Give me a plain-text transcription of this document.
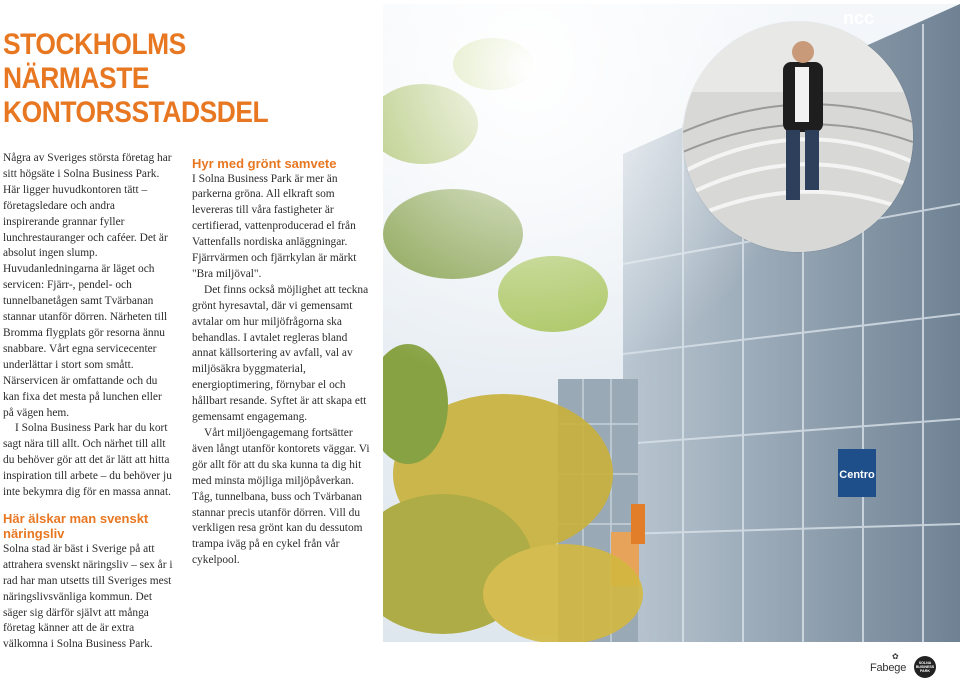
STOCKHOLMS NÄRMASTE KONTORSSTADSDEL

Några av Sveriges största företag har sitt högsäte i Solna Business Park. Här ligger huvudkontoren tätt – företagsledare och andra inspirerande grannar fyller lunchrestauranger och caféer. Det är absolut ingen slump. Huvudanledningarna är läget och servicen: Fjärr-, pendel- och tunnelbanetågen samt Tvärbanan stannar utanför dörren. Närheten till Bromma flygplats gör resorna ännu snabbare. Vårt egna servicecenter underlättar i stort som smått. Närservicen är omfattande och du kan fixa det mesta på lunchen eller på vägen hem.

I Solna Business Park har du kort sagt nära till allt. Och närhet till allt du behöver gör att det är lätt att hitta inspiration till arbete – du behöver ju inte bekymra dig för en massa annat.

Här älskar man svenskt näringsliv

Solna stad är bäst i Sverige på att attrahera svenskt näringsliv – sex år i rad har man utsetts till Sveriges mest näringslivsvänliga kommun. Det säger sig därför självt att många företag känner att de är extra välkomna i Solna Business Park.

Hyr med grönt samvete

I Solna Business Park är mer än parkerna gröna. All elkraft som levereras till våra fastigheter är certifierad, vattenproducerad el från Vattenfalls nordiska anläggningar. Fjärrvärmen och fjärrkylan är märkt "Bra miljöval".

Det finns också möjlighet att teckna grönt hyresavtal, där vi gemensamt avtalar om hur miljöfrågorna ska behandlas. I avtalet regleras bland annat källsortering av avfall, val av miljösäkra byggmaterial, energioptimering, förnybar el och hållbart resande. Syftet är att skapa ett gemensamt engagemang.

Vårt miljöengagemang fortsätter även långt utanför kontorets väggar. Vi gör allt för att du ska kunna ta dig hit med minsta möjliga miljöpåverkan. Tåg, tunnelbana, buss och Tvärbanan stannar precis utanför dörren. Vill du verkligen resa grönt kan du dessutom trampa iväg på en cykel från vår cykelpool.

Fabege
✿
SOLNA
BUSINESS
PARK
